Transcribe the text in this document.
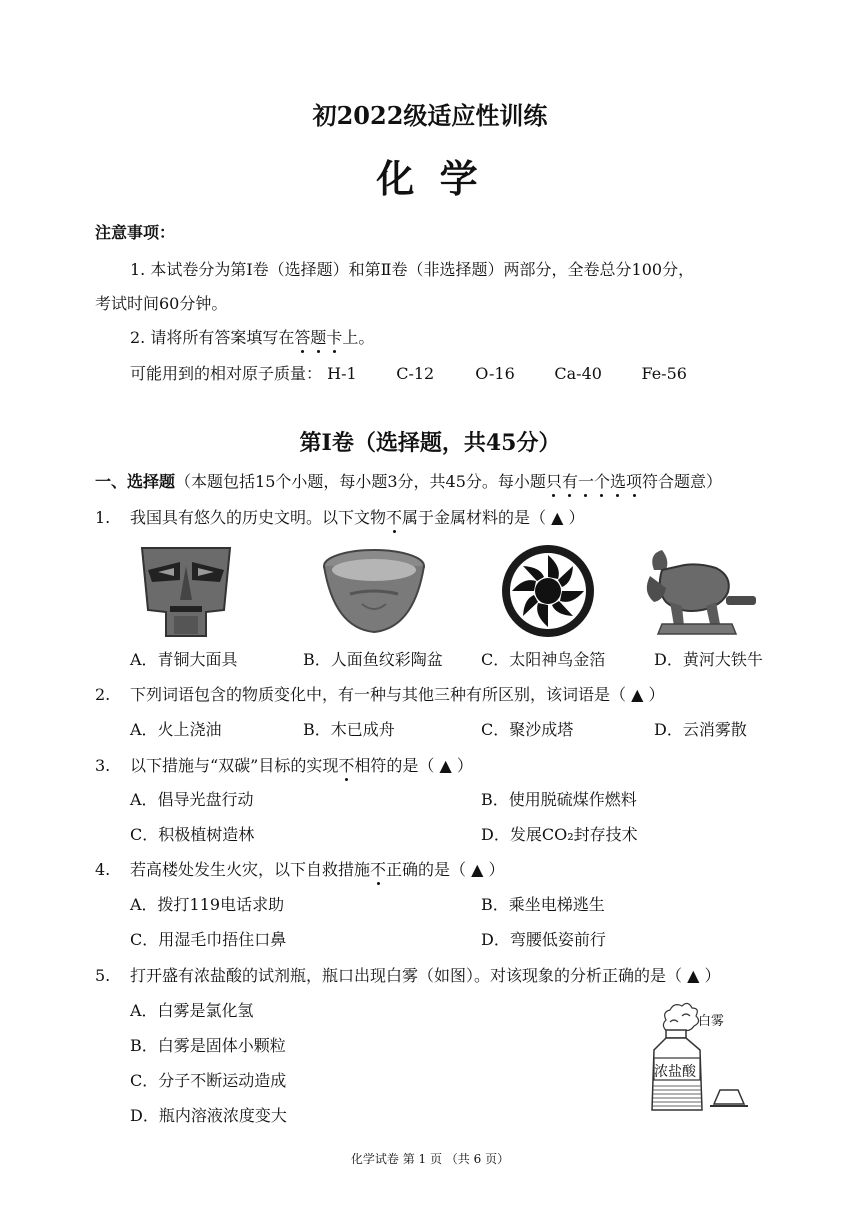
初2022级适应性训练
化 学
注意事项：
1. 本试卷分为第Ⅰ卷（选择题）和第Ⅱ卷（非选择题）两部分，全卷总分100分，
考试时间60分钟。
2. 请将所有答案填写在答题卡上。
可能用到的相对原子质量： H-1 C-12	O-16 Ca-40 Fe-56
第Ⅰ卷（选择题，共45分）
一、选择题（本题包括15个小题，每小题3分，共45分。每小题只有一个选项符合题意）
1. 我国具有悠久的历史文明。以下文物不属于金属材料的是（ ▲ ）
A．青铜大面具	B．人面鱼纹彩陶盆 C．太阳神鸟金箔	D．黄河大铁牛
2. 下列词语包含的物质变化中，有一种与其他三种有所区别，该词语是（ ▲ ）
A．火上浇油	B．木已成舟	C．聚沙成塔	D．云消雾散
3. 以下措施与“双碳”目标的实现不相符的是（ ▲ ）
A．倡导光盘行动	B．使用脱硫煤作燃料
C．积极植树造林	D．发展CO₂封存技术
4. 若高楼处发生火灾，以下自救措施不正确的是（ ▲ ）
A．拨打119电话求助	B．乘坐电梯逃生
C．用湿毛巾捂住口鼻	D．弯腰低姿前行
5. 打开盛有浓盐酸的试剂瓶，瓶口出现白雾（如图）。对该现象的分析正确的是（ ▲ ）
A．白雾是氯化氢
B．白雾是固体小颗粒
C．分子不断运动造成
D．瓶内溶液浓度变大
白雾
浓盐酸
化学试卷 第 1 页 （共 6 页）
